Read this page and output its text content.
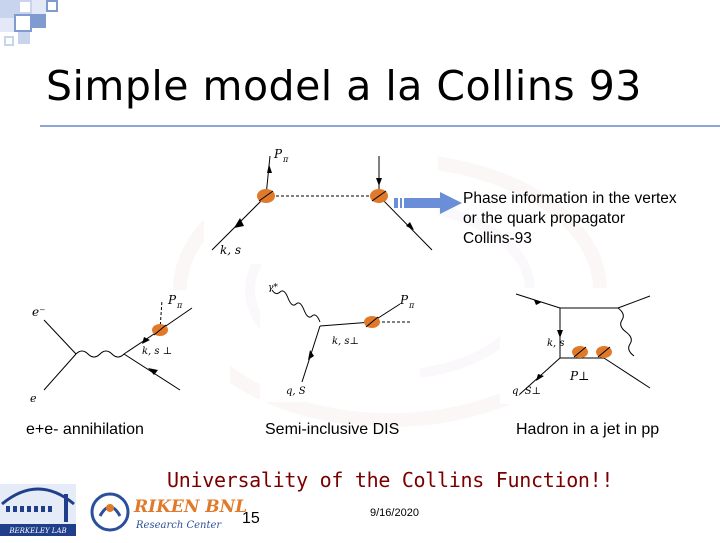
Simple model a la Collins 93
P π
k, s
Phase information in the vertex
or the quark propagator
Collins-93
e⁻
e
P π
k, s ⊥
γ*
P π
k, s⊥
q, S
k, s
q, S⊥
P⊥
e+e- annihilation	Semi-inclusive DIS	Hadron in a jet in pp
Universality of the Collins Function!!
BERKELEY LAB
RIKEN BNL
Research Center 15	9/16/2020
